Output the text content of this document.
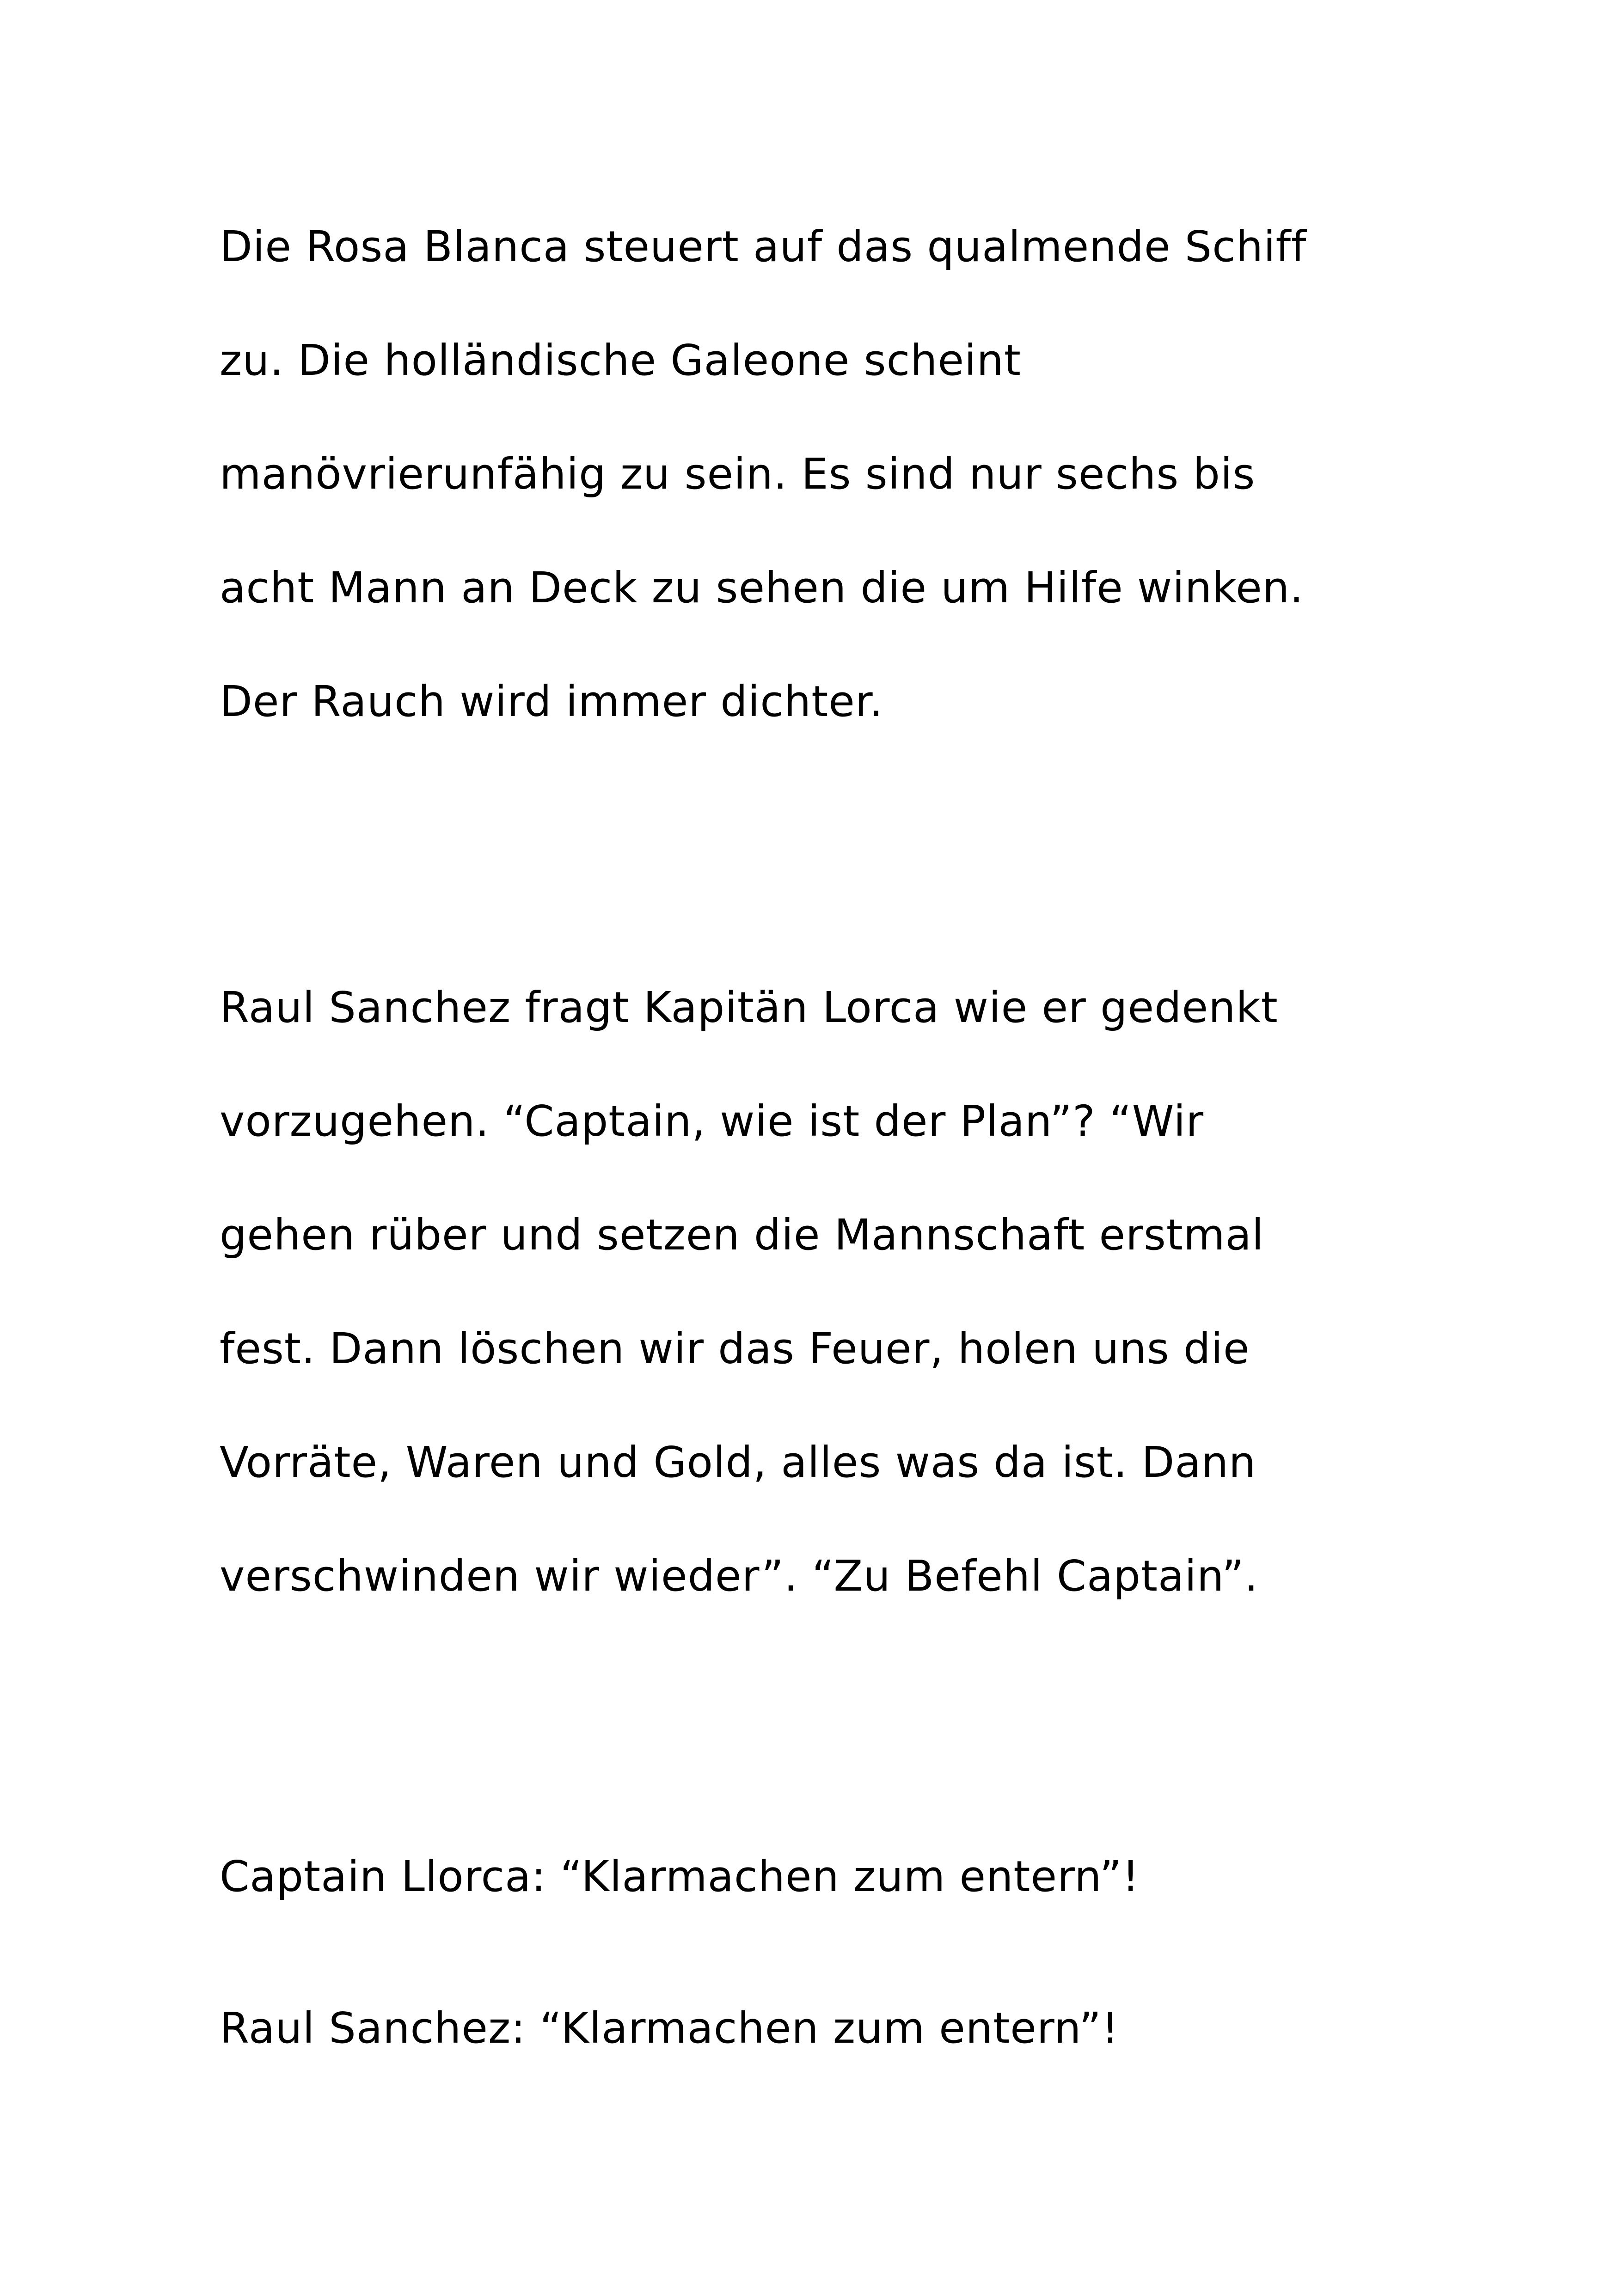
Die Rosa Blanca steuert auf das qualmende Schiff

zu. Die holländische Galeone scheint

manövrierunfähig zu sein. Es sind nur sechs bis

acht Mann an Deck zu sehen die um Hilfe winken.

Der Rauch wird immer dichter.

Raul Sanchez fragt Kapitän Lorca wie er gedenkt

vorzugehen. “Captain, wie ist der Plan”? “Wir

gehen rüber und setzen die Mannschaft erstmal

fest. Dann löschen wir das Feuer, holen uns die

Vorräte, Waren und Gold, alles was da ist. Dann

verschwinden wir wieder”. “Zu Befehl Captain”.

Captain Llorca: “Klarmachen zum entern”!

Raul Sanchez: “Klarmachen zum entern”!
